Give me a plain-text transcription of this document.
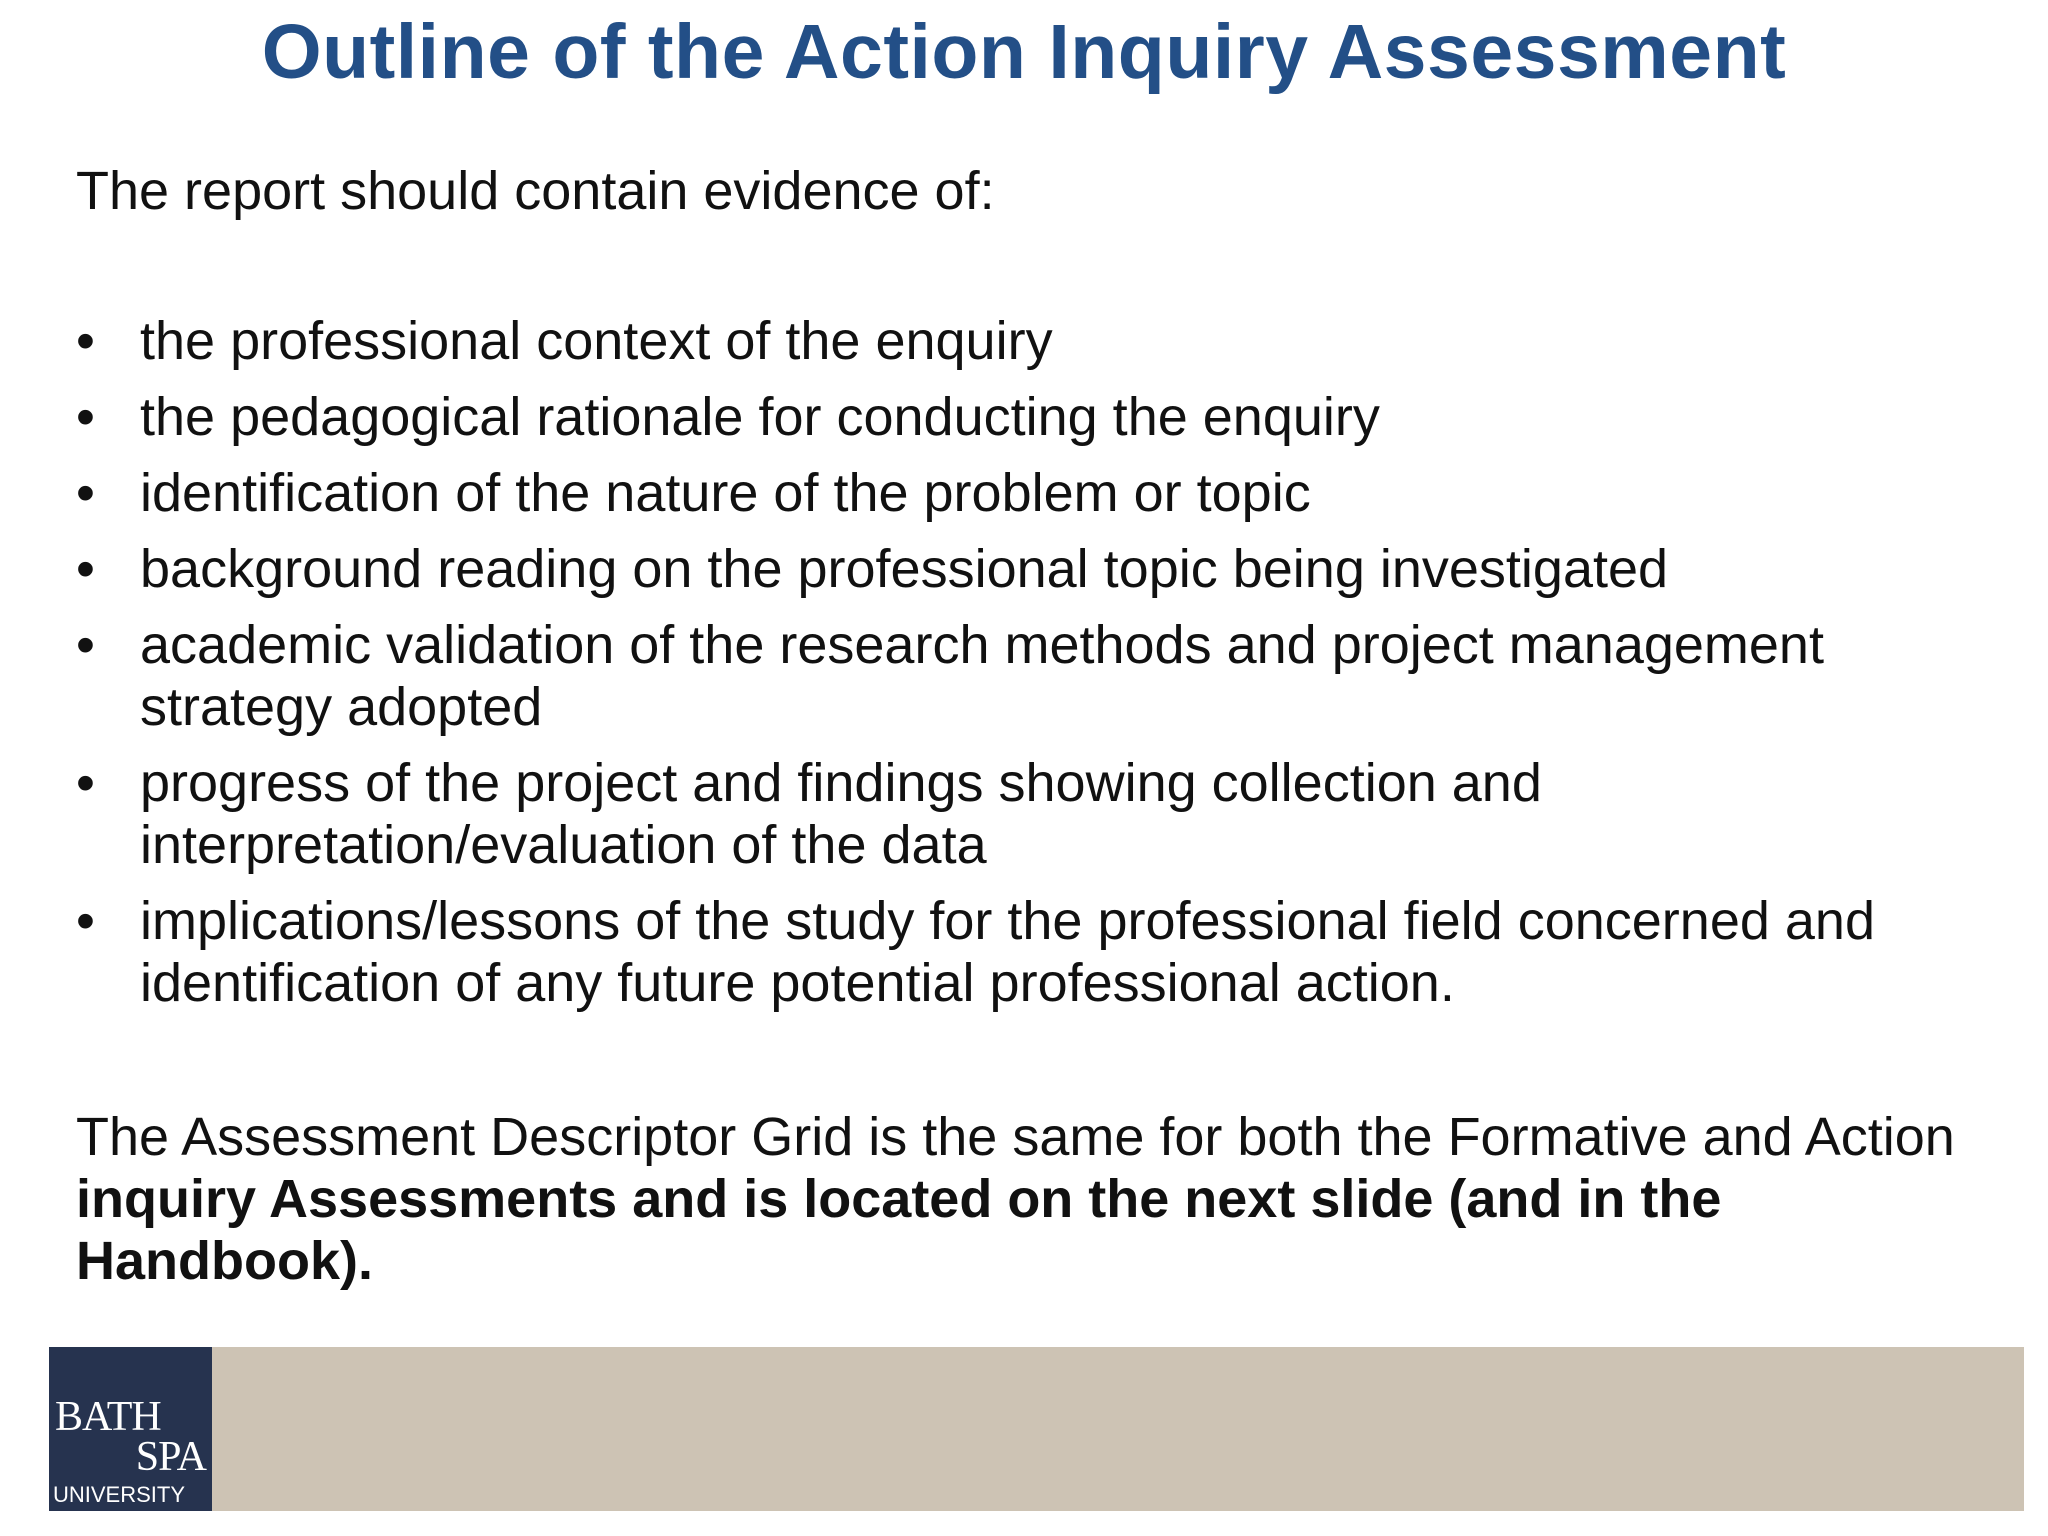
Outline of the Action Inquiry Assessment

The report should contain evidence of:

• the professional context of the enquiry
• the pedagogical rationale for conducting the enquiry
• identification of the nature of the problem or topic
• background reading on the professional topic being investigated
• academic validation of the research methods and project management strategy adopted
• progress of the project and findings showing collection and interpretation/evaluation of the data
• implications/lessons of the study for the professional field concerned and identification of any future potential professional action.

The Assessment Descriptor Grid is the same for both the Formative and Action inquiry Assessments and is located on the next slide (and in the Handbook).

BATH
SPA
UNIVERSITY
